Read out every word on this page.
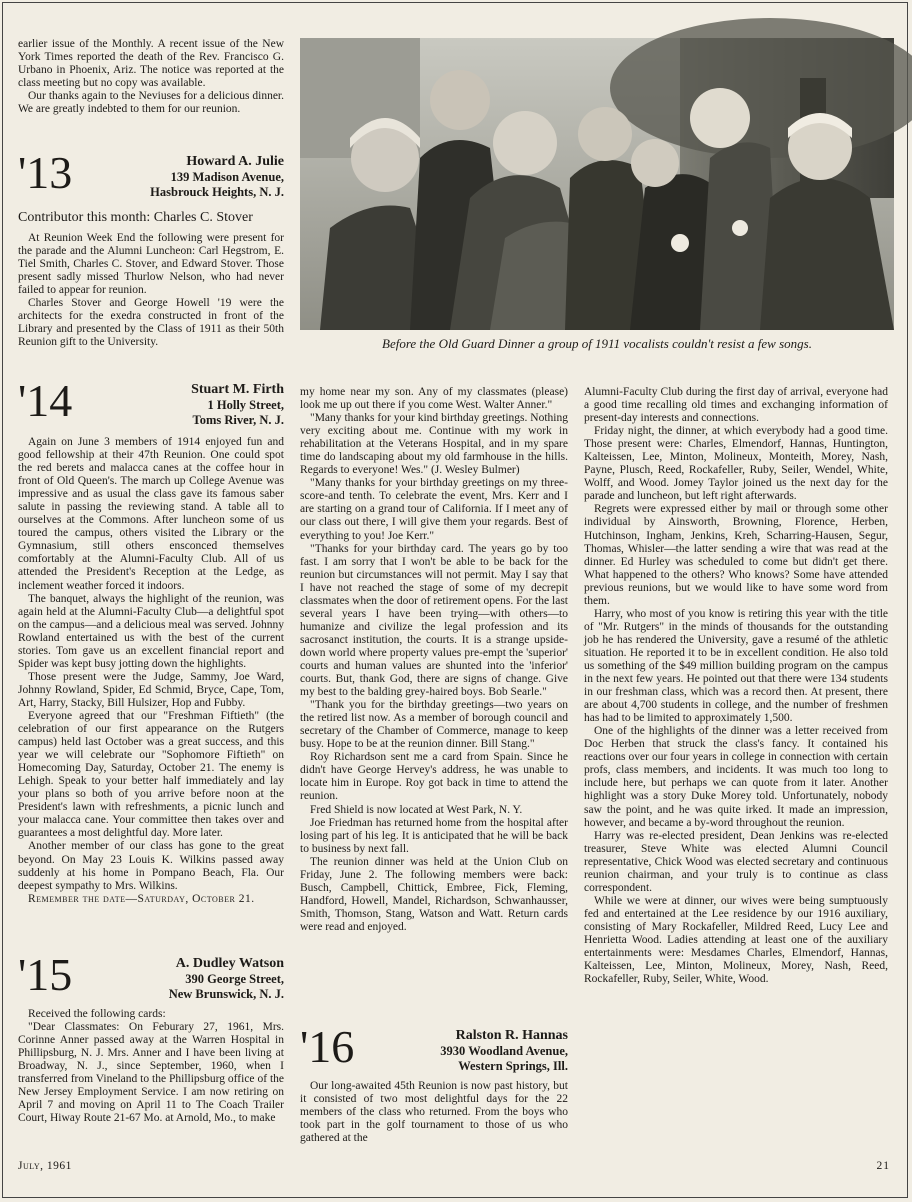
earlier issue of the Monthly. A recent issue of the New York Times reported the death of the Rev. Francisco G. Urbano in Phoenix, Ariz. The notice was reported at the class meeting but no copy was available.

Our thanks again to the Neviuses for a delicious dinner. We are greatly indebted to them for our reunion.

'13	Howard A. Julie
139 Madison Avenue,
Hasbrouck Heights, N. J.
Contributor this month: Charles C. Stover

At Reunion Week End the following were present for the parade and the Alumni Luncheon: Carl Hegstrom, E. Tiel Smith, Charles C. Stover, and Edward Stover. Those present sadly missed Thurlow Nelson, who had never failed to appear for reunion.

Charles Stover and George Howell '19 were the architects for the exedra constructed in front of the Library and presented by the Class of 1911 as their 50th Reunion gift to the University.

'14	Stuart M. Firth
1 Holly Street,
Toms River, N. J.

Again on June 3 members of 1914 enjoyed fun and good fellowship at their 47th Reunion. One could spot the red berets and malacca canes at the coffee hour in front of Old Queen's. The march up College Avenue was impressive and as usual the class gave its famous saber salute in passing the reviewing stand. A table all to ourselves at the Commons. After luncheon some of us toured the campus, others visited the Library or the Gymnasium, still others ensconced themselves comfortably at the Alumni-Faculty Club. All of us attended the President's Reception at the Ledge, as inclement weather forced it indoors.

The banquet, always the highlight of the reunion, was again held at the Alumni-Faculty Club—a delightful spot on the campus—and a delicious meal was served. Johnny Rowland entertained us with the best of the current stories. Tom gave us an excellent financial report and Spider was kept busy jotting down the highlights.

Those present were the Judge, Sammy, Joe Ward, Johnny Rowland, Spider, Ed Schmid, Bryce, Cape, Tom, Art, Harry, Stacky, Bill Hulsizer, Hop and Fubby.

Everyone agreed that our "Freshman Fiftieth" (the celebration of our first appearance on the Rutgers campus) held last October was a great success, and this year we will celebrate our "Sophomore Fiftieth" on Homecoming Day, Saturday, October 21. The enemy is Lehigh. Speak to your better half immediately and lay your plans so both of you arrive before noon at the President's lawn with refreshments, a picnic lunch and your malacca cane. Your committee then takes over and guarantees a most delightful day. More later.

Another member of our class has gone to the great beyond. On May 23 Louis K. Wilkins passed away suddenly at his home in Pompano Beach, Fla. Our deepest sympathy to Mrs. Wilkins.

Remember the date—Saturday, October 21.

'15	A. Dudley Watson
390 George Street,
New Brunswick, N. J.

Received the following cards:

"Dear Classmates: On Feburary 27, 1961, Mrs. Corinne Anner passed away at the Warren Hospital in Phillipsburg, N. J. Mrs. Anner and I have been living at Broadway, N. J., since September, 1960, when I transferred from Vineland to the Phillipsburg office of the New Jersey Employment Service. I am now retiring on April 7 and moving on April 11 to The Coach Trailer Court, Hiway Route 21-67 Mo. at Arnold, Mo., to make

Before the Old Guard Dinner a group of 1911 vocalists couldn't resist a few songs.

my home near my son. Any of my classmates (please) look me up out there if you come West. Walter Anner."

"Many thanks for your kind birthday greetings. Nothing very exciting about me. Continue with my work in rehabilitation at the Veterans Hospital, and in my spare time do landscaping about my old farmhouse in the hills. Regards to everyone! Wes." (J. Wesley Bulmer)

"Many thanks for your birthday greetings on my three-score-and tenth. To celebrate the event, Mrs. Kerr and I are starting on a grand tour of California. If I meet any of our class out there, I will give them your regards. Best of everything to you! Joe Kerr."

"Thanks for your birthday card. The years go by too fast. I am sorry that I won't be able to be back for the reunion but circumstances will not permit. May I say that I have not reached the stage of some of my decrepit classmates when the door of retirement opens. For the last several years I have been trying—with others—to humanize and civilize the legal profession and its sacrosanct institution, the courts. It is a strange upside-down world where property values pre-empt the 'superior' courts and human values are shunted into the 'inferior' courts. But, thank God, there are signs of change. Give my best to the balding grey-haired boys. Bob Searle."

"Thank you for the birthday greetings—two years on the retired list now. As a member of borough council and secretary of the Chamber of Commerce, manage to keep busy. Hope to be at the reunion dinner. Bill Stang."

Roy Richardson sent me a card from Spain. Since he didn't have George Hervey's address, he was unable to locate him in Europe. Roy got back in time to attend the reunion.

Fred Shield is now located at West Park, N. Y.

Joe Friedman has returned home from the hospital after losing part of his leg. It is anticipated that he will be back to business by next fall.

The reunion dinner was held at the Union Club on Friday, June 2. The following members were back: Busch, Campbell, Chittick, Embree, Fick, Fleming, Handford, Howell, Mandel, Richardson, Schwanhausser, Smith, Thomson, Stang, Watson and Watt. Return cards were read and enjoyed.

'16	Ralston R. Hannas
3930 Woodland Avenue,
Western Springs, Ill.

Our long-awaited 45th Reunion is now past history, but it consisted of two most delightful days for the 22 members of the class who returned. From the boys who took part in the golf tournament to those of us who gathered at the

Alumni-Faculty Club during the first day of arrival, everyone had a good time recalling old times and exchanging information of present-day interests and connections.

Friday night, the dinner, at which everybody had a good time. Those present were: Charles, Elmendorf, Hannas, Huntington, Kalteissen, Lee, Minton, Molineux, Monteith, Morey, Nash, Payne, Plusch, Reed, Rockafeller, Ruby, Seiler, Wendel, White, Wolff, and Wood. Jomey Taylor joined us the next day for the parade and luncheon, but left right afterwards.

Regrets were expressed either by mail or through some other individual by Ainsworth, Browning, Florence, Herben, Hutchinson, Ingham, Jenkins, Kreh, Scharring-Hausen, Segur, Thomas, Whisler—the latter sending a wire that was read at the dinner. Ed Hurley was scheduled to come but didn't get there. What happened to the others? Who knows? Some have attended previous reunions, but we would like to have some word from them.

Harry, who most of you know is retiring this year with the title of "Mr. Rutgers" in the minds of thousands for the outstanding job he has rendered the University, gave a resumé of the athletic situation. He reported it to be in excellent condition. He also told us something of the $49 million building program on the campus in the next few years. He pointed out that there were 134 students in our freshman class, which was a record then. At present, there are about 4,700 students in college, and the number of freshmen has had to be limited to approximately 1,500.

One of the highlights of the dinner was a letter received from Doc Herben that struck the class's fancy. It contained his reactions over our four years in college in connection with certain profs, class members, and incidents. It was much too long to include here, but perhaps we can quote from it later. Another highlight was a story Duke Morey told. Unfortunately, nobody saw the point, and he was quite irked. It made an impression, however, and became a by-word throughout the reunion.

Harry was re-elected president, Dean Jenkins was re-elected treasurer, Steve White was elected Alumni Council representative, Chick Wood was elected secretary and continuous reunion chairman, and your truly is to continue as class correspondent.

While we were at dinner, our wives were being sumptuously fed and entertained at the Lee residence by our 1916 auxiliary, consisting of Mary Rockafeller, Mildred Reed, Lucy Lee and Henrietta Wood. Ladies attending at least one of the auxiliary entertainments were: Mesdames Charles, Elmendorf, Hannas, Kalteissen, Lee, Minton, Molineux, Morey, Nash, Reed, Rockafeller, Ruby, Seiler, White, Wood.

July, 1961	21
